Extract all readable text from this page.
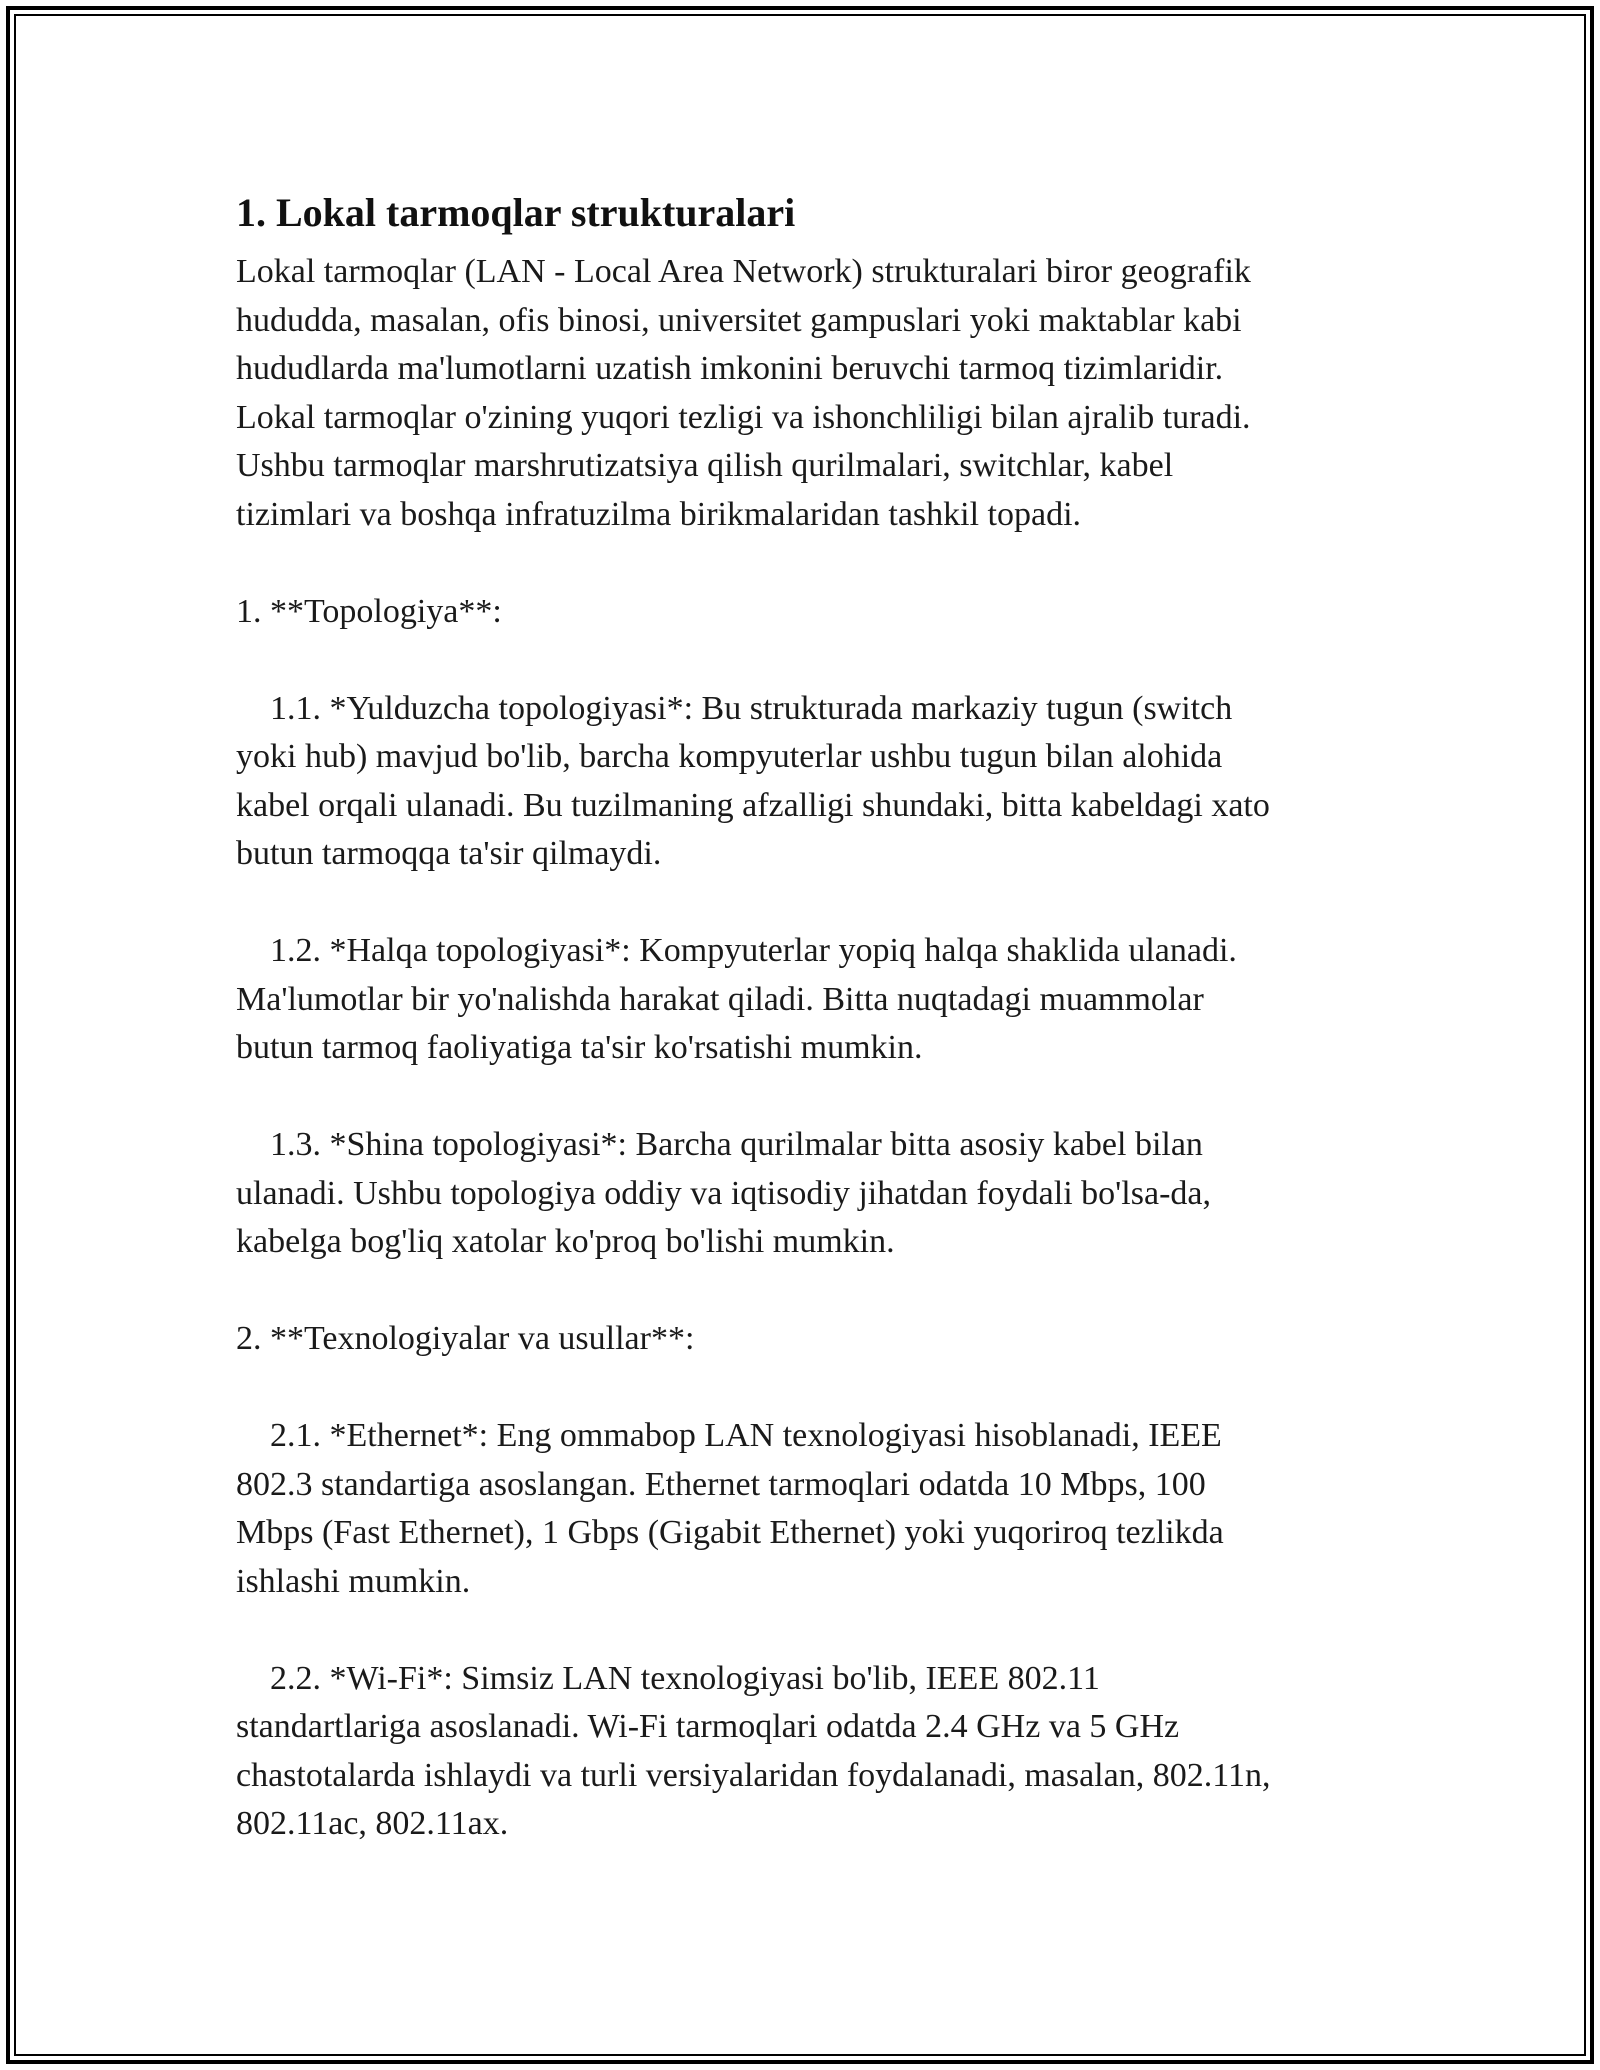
1. Lokal tarmoqlar strukturalari

Lokal tarmoqlar (LAN - Local Area Network) strukturalari biror geografik
hududda, masalan, ofis binosi, universitet gampuslari yoki maktablar kabi
hududlarda ma'lumotlarni uzatish imkonini beruvchi tarmoq tizimlaridir.
Lokal tarmoqlar o'zining yuqori tezligi va ishonchliligi bilan ajralib turadi.
Ushbu tarmoqlar marshrutizatsiya qilish qurilmalari, switchlar, kabel
tizimlari va boshqa infratuzilma birikmalaridan tashkil topadi.

1. **Topologiya**:

1.1. *Yulduzcha topologiyasi*: Bu strukturada markaziy tugun (switch
yoki hub) mavjud bo'lib, barcha kompyuterlar ushbu tugun bilan alohida
kabel orqali ulanadi. Bu tuzilmaning afzalligi shundaki, bitta kabeldagi xato
butun tarmoqqa ta'sir qilmaydi.

1.2. *Halqa topologiyasi*: Kompyuterlar yopiq halqa shaklida ulanadi.
Ma'lumotlar bir yo'nalishda harakat qiladi. Bitta nuqtadagi muammolar
butun tarmoq faoliyatiga ta'sir ko'rsatishi mumkin.

1.3. *Shina topologiyasi*: Barcha qurilmalar bitta asosiy kabel bilan
ulanadi. Ushbu topologiya oddiy va iqtisodiy jihatdan foydali bo'lsa-da,
kabelga bog'liq xatolar ko'proq bo'lishi mumkin.

2. **Texnologiyalar va usullar**:

2.1. *Ethernet*: Eng ommabop LAN texnologiyasi hisoblanadi, IEEE
802.3 standartiga asoslangan. Ethernet tarmoqlari odatda 10 Mbps, 100
Mbps (Fast Ethernet), 1 Gbps (Gigabit Ethernet) yoki yuqoriroq tezlikda
ishlashi mumkin.

2.2. *Wi-Fi*: Simsiz LAN texnologiyasi bo'lib, IEEE 802.11
standartlariga asoslanadi. Wi-Fi tarmoqlari odatda 2.4 GHz va 5 GHz
chastotalarda ishlaydi va turli versiyalaridan foydalanadi, masalan, 802.11n,
802.11ac, 802.11ax.
